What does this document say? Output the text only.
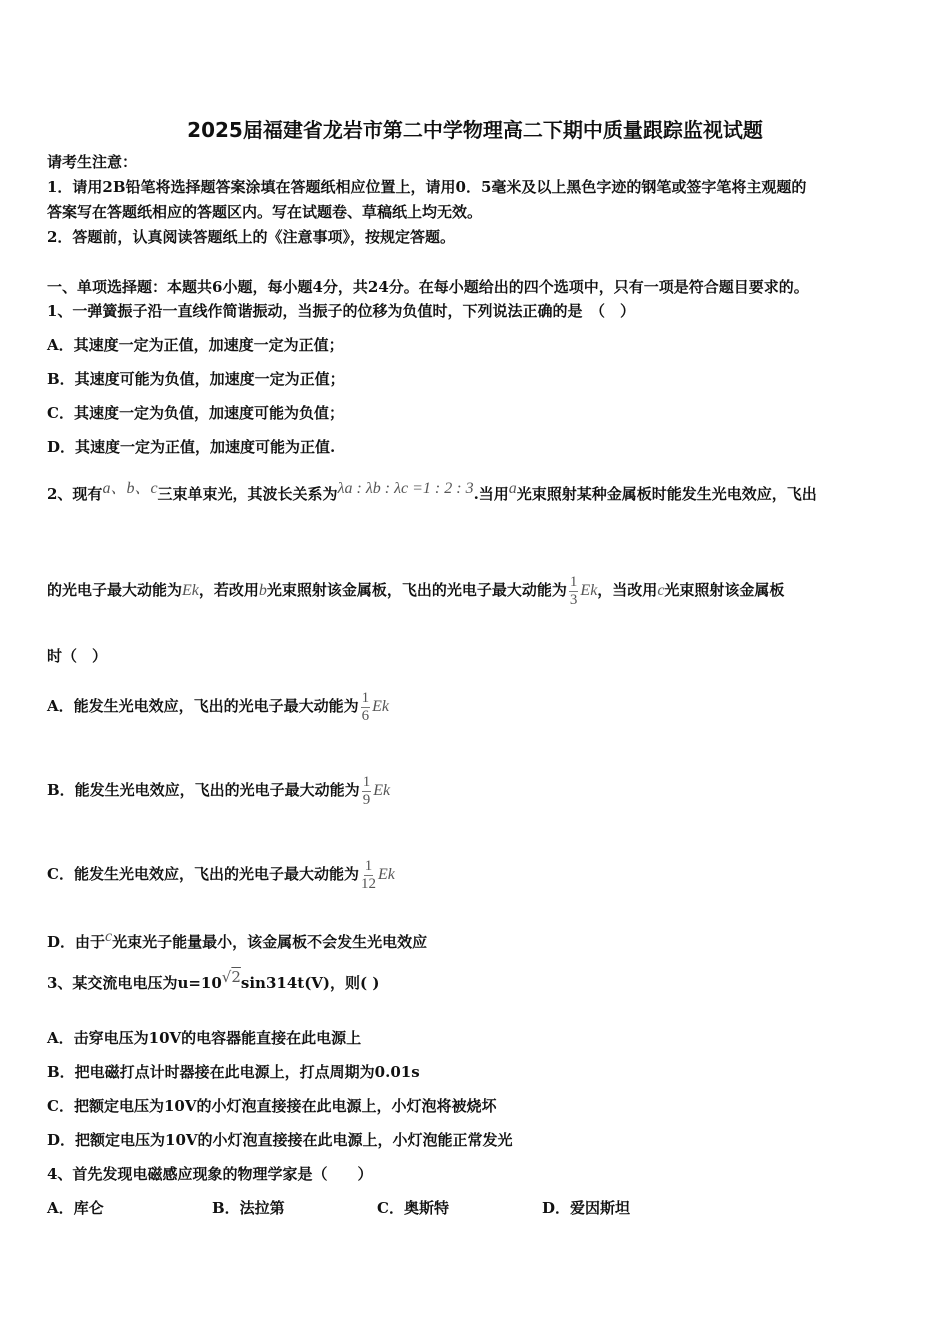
2025届福建省龙岩市第二中学物理高二下期中质量跟踪监视试题
请考生注意：
1．请用2B铅笔将选择题答案涂填在答题纸相应位置上，请用0．5毫米及以上黑色字迹的钢笔或签字笔将主观题的
答案写在答题纸相应的答题区内。写在试题卷、草稿纸上均无效。
2．答题前，认真阅读答题纸上的《注意事项》，按规定答题。
一、单项选择题：本题共6小题，每小题4分，共24分。在每小题给出的四个选项中，只有一项是符合题目要求的。
1、一弹簧振子沿一直线作简谐振动，当振子的位移为负值时，下列说法正确的是　（　）
A．其速度一定为正值，加速度一定为正值；
B．其速度可能为负值，加速度一定为正值；
C．其速度一定为负值，加速度可能为负值；
D．其速度一定为正值，加速度可能为正值.
2、现有a、b、c三束单束光，其波长关系为λa : λb : λc =1 : 2 : 3.当用a光束照射某种金属板时能发生光电效应，飞出
的光电子最大动能为Ek，若改用b光束照射该金属板，飞出的光电子最大动能为 $\frac{1}{3}$ Ek，当改用c光束照射该金属板
时（　）
A．能发生光电效应，飞出的光电子最大动能为 $\frac{1}{6}$ Ek
B．能发生光电效应，飞出的光电子最大动能为 $\frac{1}{9}$ Ek
C．能发生光电效应，飞出的光电子最大动能为 $\frac{1}{12}$ Ek
D．由于c光束光子能量最小，该金属板不会发生光电效应
3、某交流电电压为u=10√2sin314t(V)，则( )
A．击穿电压为10V的电容器能直接在此电源上
B．把电磁打点计时器接在此电源上，打点周期为0.01s
C．把额定电压为10V的小灯泡直接接在此电源上，小灯泡将被烧坏
D．把额定电压为10V的小灯泡直接接在此电源上，小灯泡能正常发光
4、首先发现电磁感应现象的物理学家是（　　）
A．库仑	B．法拉第	C．奥斯特	D．爱因斯坦
